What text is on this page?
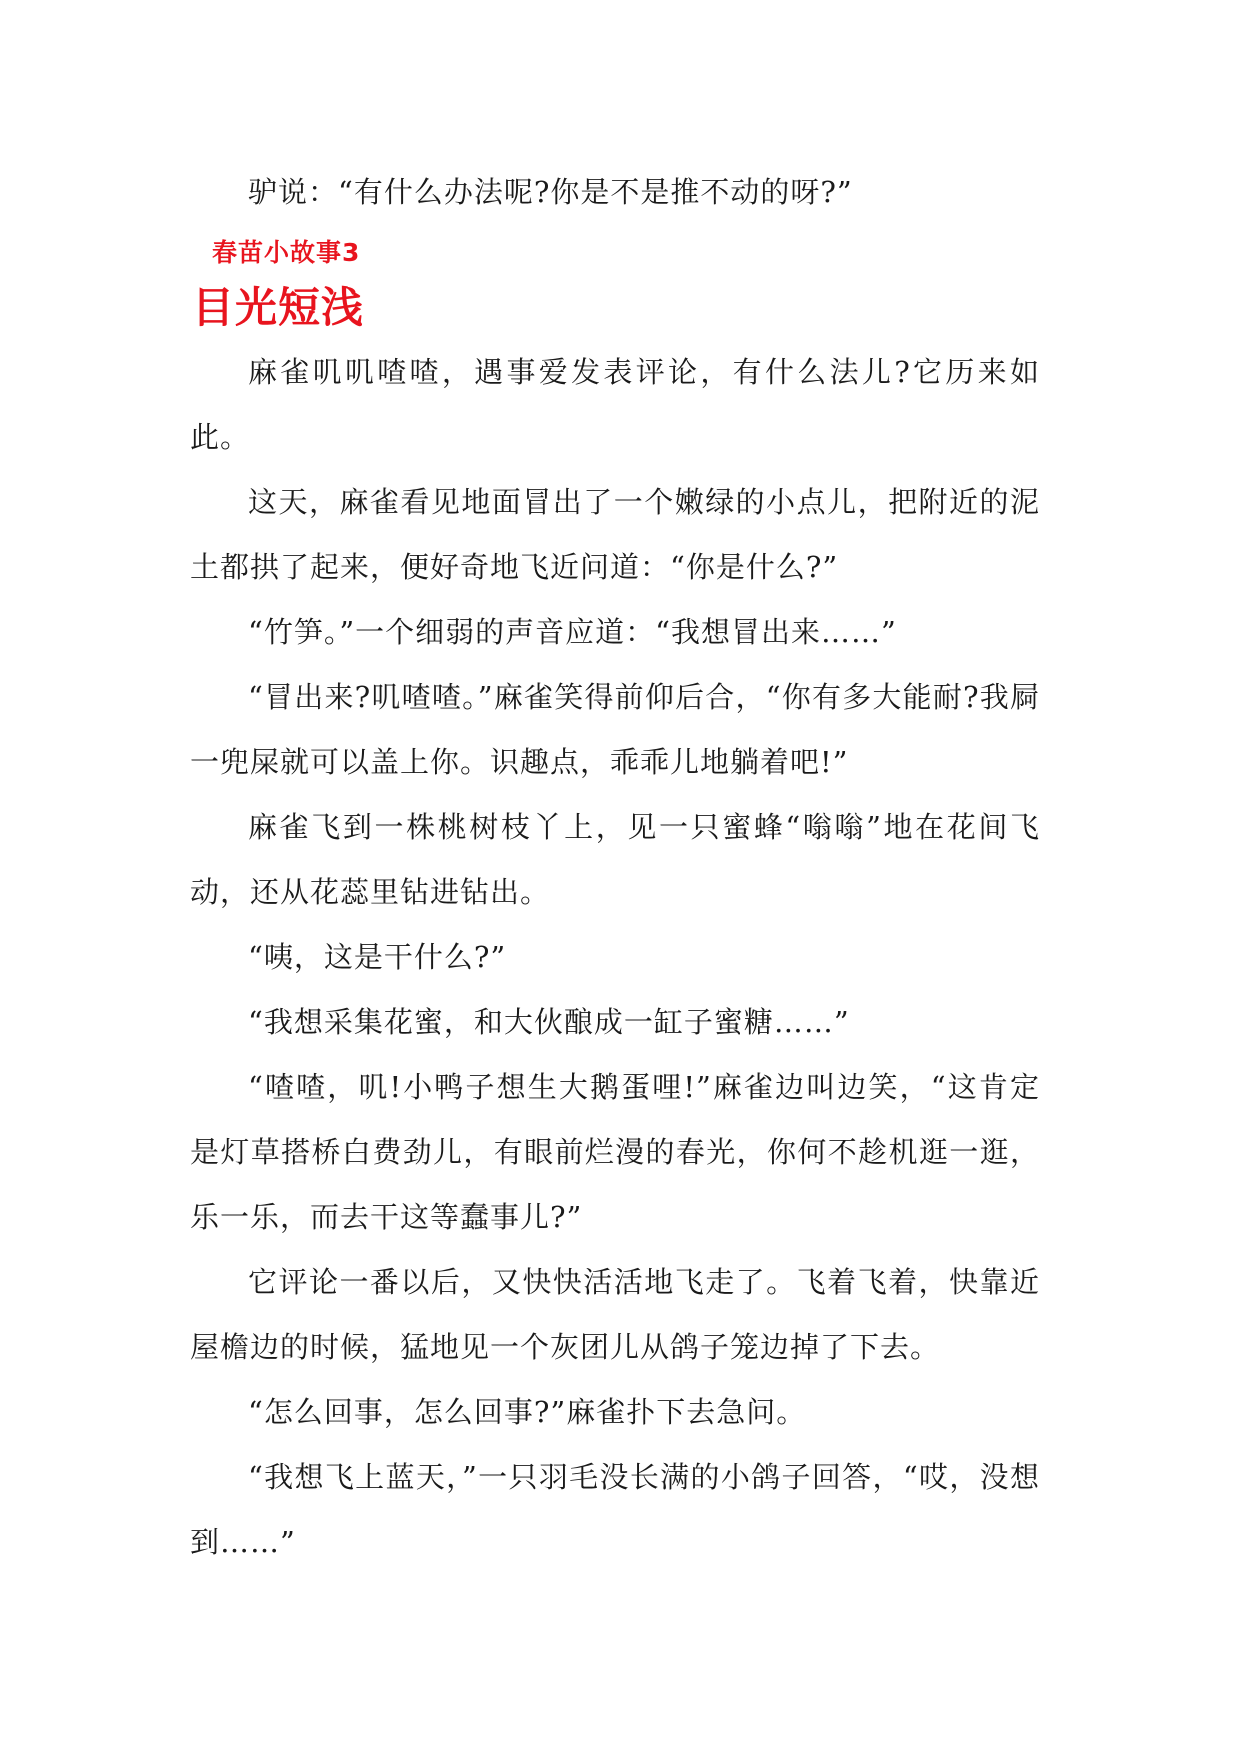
驴说：“有什么办法呢?你是不是推不动的呀?”

春苗小故事3
目光短浅

麻雀叽叽喳喳，遇事爱发表评论，有什么法儿?它历来如此。

这天，麻雀看见地面冒出了一个嫩绿的小点儿，把附近的泥土都拱了起来，便好奇地飞近问道：“你是什么?”

“竹笋。”一个细弱的声音应道：“我想冒出来……”

“冒出来?叽喳喳。”麻雀笑得前仰后合，“你有多大能耐?我屙一兜屎就可以盖上你。识趣点，乖乖儿地躺着吧!”

麻雀飞到一株桃树枝丫上，见一只蜜蜂“嗡嗡”地在花间飞动，还从花蕊里钻进钻出。

“咦，这是干什么?”

“我想采集花蜜，和大伙酿成一缸子蜜糖……”

“喳喳，叽!小鸭子想生大鹅蛋哩!”麻雀边叫边笑，“这肯定是灯草搭桥白费劲儿，有眼前烂漫的春光，你何不趁机逛一逛，乐一乐，而去干这等蠢事儿?”

它评论一番以后，又快快活活地飞走了。飞着飞着，快靠近屋檐边的时候，猛地见一个灰团儿从鸽子笼边掉了下去。

“怎么回事，怎么回事?”麻雀扑下去急问。

“我想飞上蓝天，”一只羽毛没长满的小鸽子回答，“哎，没想到……”
